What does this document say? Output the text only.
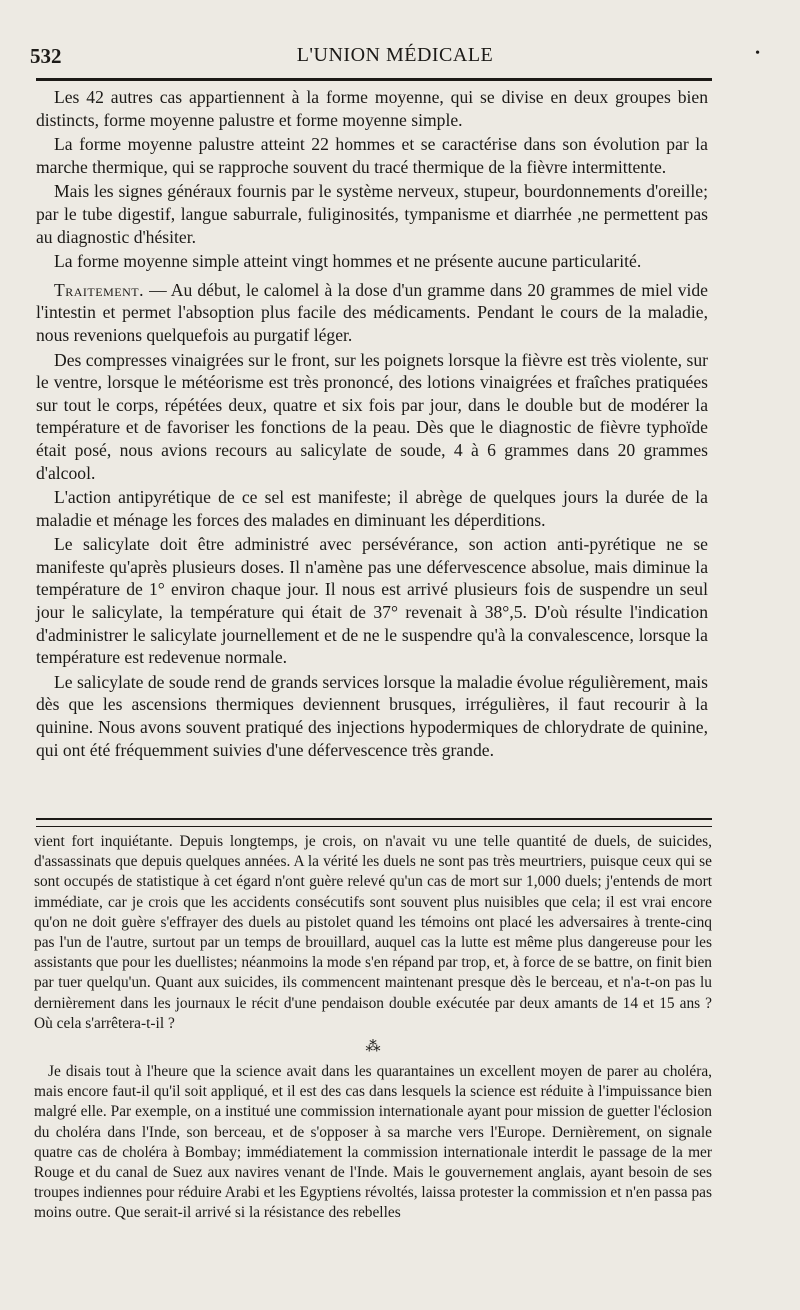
532	L'UNION MÉDICALE	•

Les 42 autres cas appartiennent à la forme moyenne, qui se divise en deux groupes bien distincts, forme moyenne palustre et forme moyenne simple.

La forme moyenne palustre atteint 22 hommes et se caractérise dans son évolution par la marche thermique, qui se rapproche souvent du tracé thermique de la fièvre intermittente.

Mais les signes généraux fournis par le système nerveux, stupeur, bourdonnements d'oreille; par le tube digestif, langue saburrale, fuliginosités, tympanisme et diarrhée ,ne permettent pas au diagnostic d'hésiter.

La forme moyenne simple atteint vingt hommes et ne présente aucune particularité.

Traitement. — Au début, le calomel à la dose d'un gramme dans 20 grammes de miel vide l'intestin et permet l'absoption plus facile des médicaments. Pendant le cours de la maladie, nous revenions quelquefois au purgatif léger.

Des compresses vinaigrées sur le front, sur les poignets lorsque la fièvre est très violente, sur le ventre, lorsque le météorisme est très prononcé, des lotions vinaigrées et fraîches pratiquées sur tout le corps, répétées deux, quatre et six fois par jour, dans le double but de modérer la température et de favoriser les fonctions de la peau. Dès que le diagnostic de fièvre typhoïde était posé, nous avions recours au salicylate de soude, 4 à 6 grammes dans 20 grammes d'alcool.

L'action antipyrétique de ce sel est manifeste; il abrège de quelques jours la durée de la maladie et ménage les forces des malades en diminuant les déperditions.

Le salicylate doit être administré avec persévérance, son action anti-pyrétique ne se manifeste qu'après plusieurs doses. Il n'amène pas une défervescence absolue, mais diminue la température de 1° environ chaque jour. Il nous est arrivé plusieurs fois de suspendre un seul jour le salicylate, la température qui était de 37° revenait à 38°,5. D'où résulte l'indication d'administrer le salicylate journellement et de ne le suspendre qu'à la convalescence, lorsque la température est redevenue normale.

Le salicylate de soude rend de grands services lorsque la maladie évolue régulièrement, mais dès que les ascensions thermiques deviennent brusques, irrégulières, il faut recourir à la quinine. Nous avons souvent pratiqué des injections hypodermiques de chlorydrate de quinine, qui ont été fréquemment suivies d'une défervescence très grande.

vient fort inquiétante. Depuis longtemps, je crois, on n'avait vu une telle quantité de duels, de suicides, d'assassinats que depuis quelques années. A la vérité les duels ne sont pas très meurtriers, puisque ceux qui se sont occupés de statistique à cet égard n'ont guère relevé qu'un cas de mort sur 1,000 duels; j'entends de mort immédiate, car je crois que les accidents consécutifs sont souvent plus nuisibles que cela; il est vrai encore qu'on ne doit guère s'effrayer des duels au pistolet quand les témoins ont placé les adversaires à trente-cinq pas l'un de l'autre, surtout par un temps de brouillard, auquel cas la lutte est même plus dangereuse pour les assistants que pour les duellistes; néanmoins la mode s'en répand par trop, et, à force de se battre, on finit bien par tuer quelqu'un. Quant aux suicides, ils commencent maintenant presque dès le berceau, et n'a-t-on pas lu dernièrement dans les journaux le récit d'une pendaison double exécutée par deux amants de 14 et 15 ans ? Où cela s'arrêtera-t-il ?

⁂

Je disais tout à l'heure que la science avait dans les quarantaines un excellent moyen de parer au choléra, mais encore faut-il qu'il soit appliqué, et il est des cas dans lesquels la science est réduite à l'impuissance bien malgré elle. Par exemple, on a institué une commission internationale ayant pour mission de guetter l'éclosion du choléra dans l'Inde, son berceau, et de s'opposer à sa marche vers l'Europe. Dernièrement, on signale quatre cas de choléra à Bombay; immédiatement la commission internationale interdit le passage de la mer Rouge et du canal de Suez aux navires venant de l'Inde. Mais le gouvernement anglais, ayant besoin de ses troupes indiennes pour réduire Arabi et les Egyptiens révoltés, laissa protester la commission et n'en passa pas moins outre. Que serait-il arrivé si la résistance des rebelles
